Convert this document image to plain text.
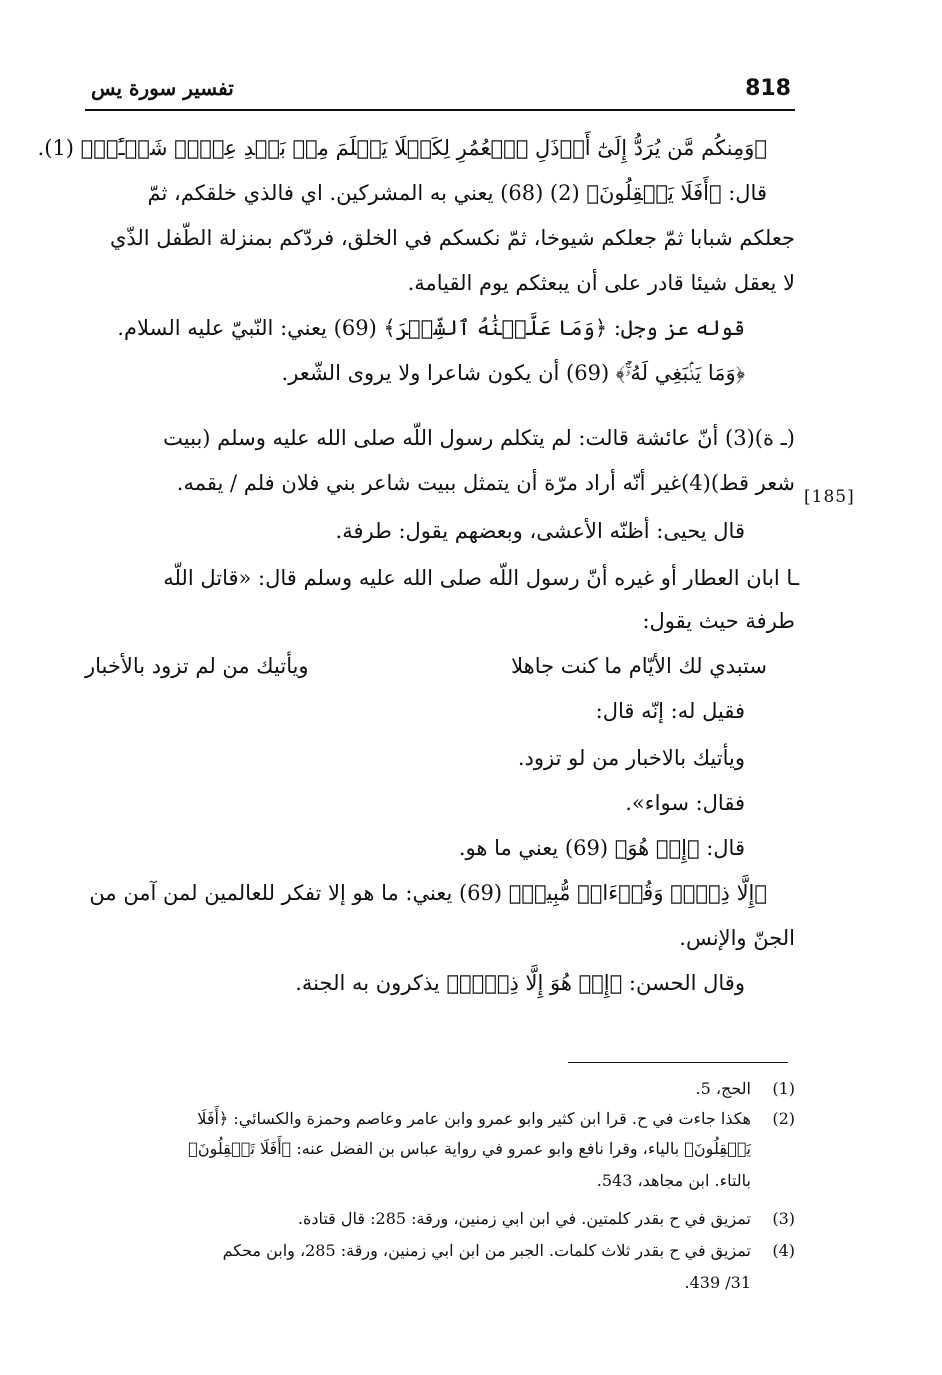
818
تفسير سورة يس
[185]
﴿وَمِنكُم مَّن يُرَدُّ إِلَىٰٓ أَرۡذَلِ ٱلۡعُمُرِ لِكَيۡلَا يَعۡلَمَ مِنۢ بَعۡدِ عِلۡمٖ شَيۡـًٔاۚ﴾ (1).
قال: ﴿أَفَلَا يَعۡقِلُونَ﴾ (2) (68) يعني به المشركين. اي فالذي خلقكم، ثمّ
جعلكم شبابا ثمّ جعلكم شيوخا، ثمّ نكسكم في الخلق، فردّكم بمنزلة الطّفل الذّي
لا يعقل شيئا قادر على أن يبعثكم يوم القيامة.
قوله عز وجل: ﴿وَمَا عَلَّمۡنَٰهُ ٱلشِّعۡرَ﴾ (69) يعني: النّبيّ عليه السلام.
﴿وَمَا يَنۢبَغِي لَهُۥٓۚ﴾ (69) أن يكون شاعرا ولا يروى الشّعر.
(ـ ة)(3) أنّ عائشة قالت: لم يتكلم رسول اللّه صلى الله عليه وسلم (ببيت
شعر قط)(4)غير أنّه أراد مرّة أن يتمثل ببيت شاعر بني فلان فلم / يقمه.
قال يحيى: أظنّه الأعشى، وبعضهم يقول: طرفة.
ـا ابان العطار أو غيره أنّ رسول اللّه صلى الله عليه وسلم قال: «قاتل اللّه
طرفة حيث يقول:
ستبدي لك الأيّام ما كنت جاهلا
ويأتيك من لم تزود بالأخبار
فقيل له: إنّه قال:
ويأتيك بالاخبار من لو تزود.
فقال: سواء».
قال: ﴿إِنۡ هُوَ﴾ (69) يعني ما هو.
﴿إِلَّا ذِكۡرٞ وَقُرۡءَانٞ مُّبِينٞ﴾ (69) يعني: ما هو إلا تفكر للعالمين لمن آمن من
الجنّ والإنس.
وقال الحسن: ﴿إِنۡ هُوَ إِلَّا ذِكۡرٞ﴾ يذكرون به الجنة.
(1)
الحج، 5.
(2)
هكذا جاءت في ح. قرا ابن كثير وابو عمرو وابن عامر وعاصم وحمزة والكسائي: ﴿أَفَلَا
يَعۡقِلُونَ﴾ بالياء، وقرا نافع وابو عمرو في رواية عباس بن الفضل عنه: ﴿أَفَلَا تَعۡقِلُونَ﴾
بالتاء. ابن مجاهد، 543.
(3)
تمزيق في ح بقدر كلمتين. في ابن ابي زمنين، ورقة: 285: قال قتادة.
(4)
تمزيق في ح بقدر ثلاث كلمات. الجبر من ابن ابي زمنين، ورقة: 285، وابن محكم
31/ 439.
